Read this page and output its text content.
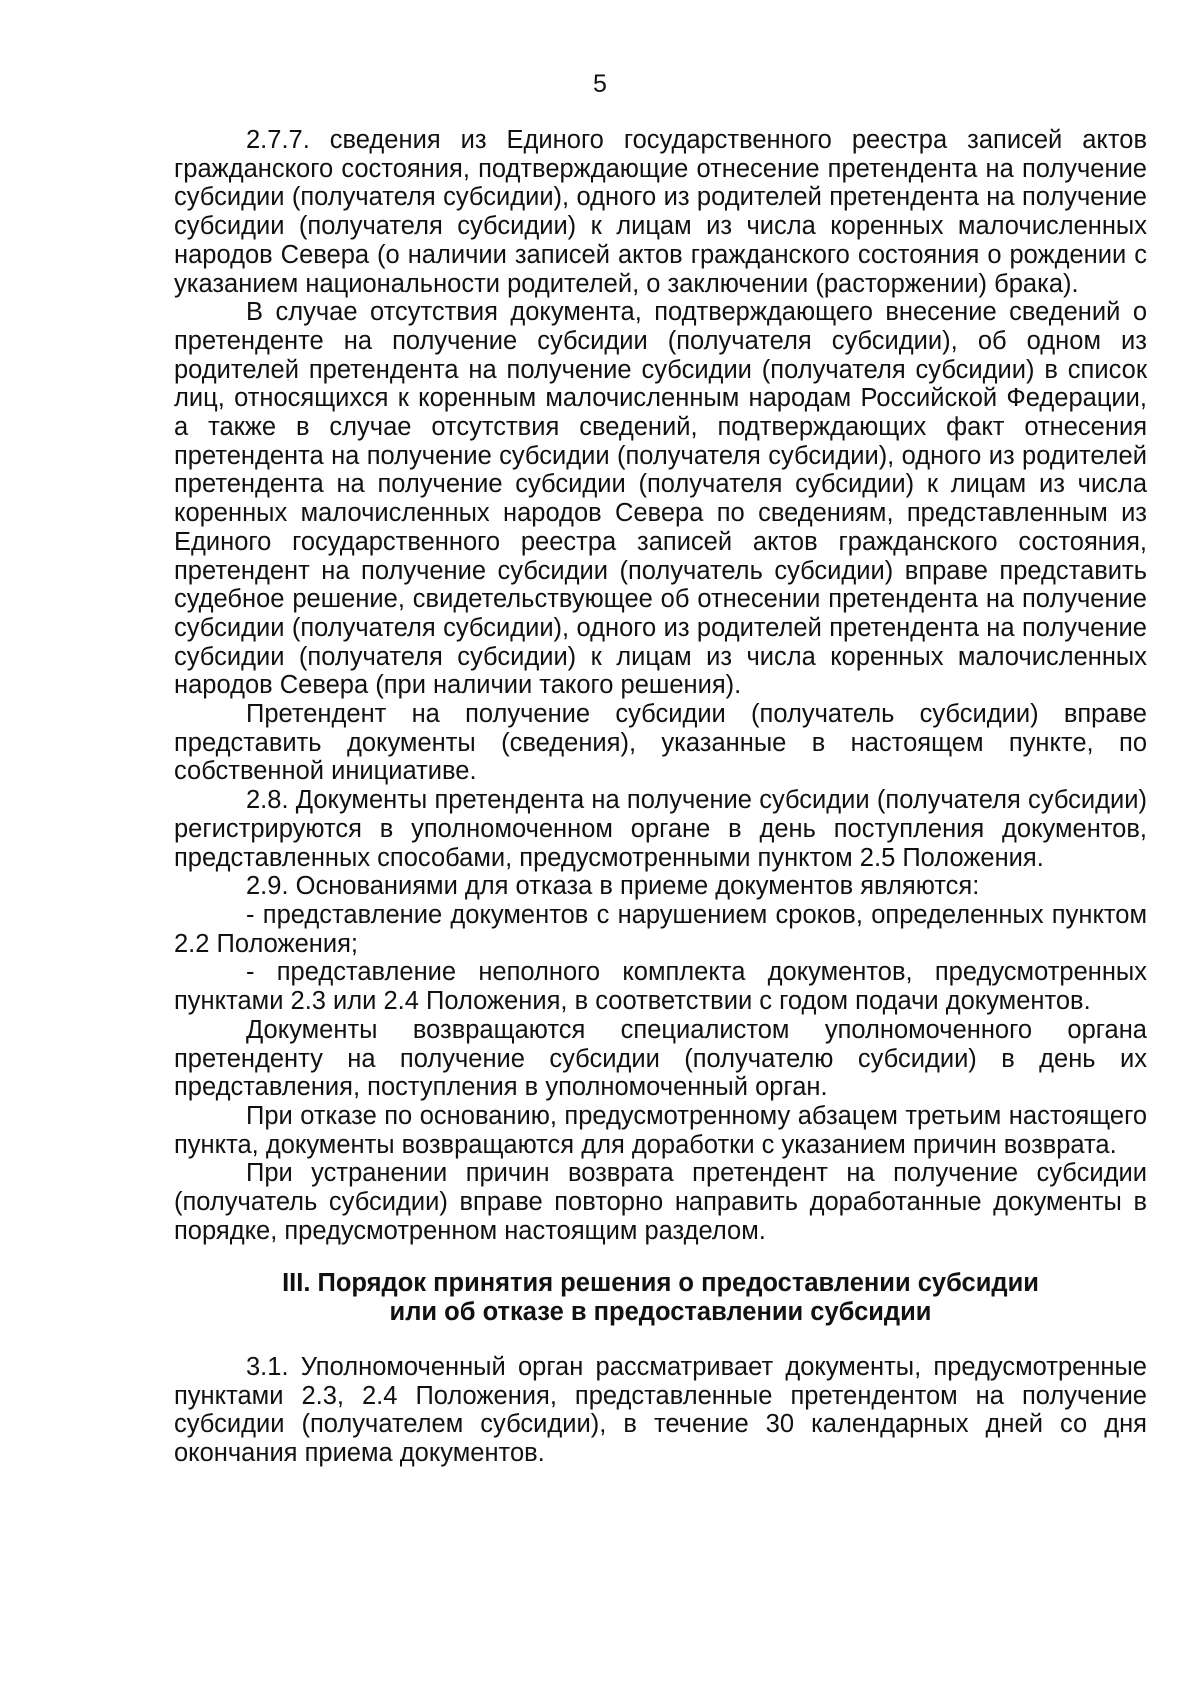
5

2.7.7. сведения из Единого государственного реестра записей актов гражданского состояния, подтверждающие отнесение претендента на получение субсидии (получателя субсидии), одного из родителей претендента на получение субсидии (получателя субсидии) к лицам из числа коренных малочисленных народов Севера (о наличии записей актов гражданского состояния о рождении с указанием национальности родителей, о заключении (расторжении) брака).

В случае отсутствия документа, подтверждающего внесение сведений о претенденте на получение субсидии (получателя субсидии), об одном из родителей претендента на получение субсидии (получателя субсидии) в список лиц, относящихся к коренным малочисленным народам Российской Федерации, а также в случае отсутствия сведений, подтверждающих факт отнесения претендента на получение субсидии (получателя субсидии), одного из родителей претендента на получение субсидии (получателя субсидии) к лицам из числа коренных малочисленных народов Севера по сведениям, представленным из Единого государственного реестра записей актов гражданского состояния, претендент на получение субсидии (получатель субсидии) вправе представить судебное решение, свидетельствующее об отнесении претендента на получение субсидии (получателя субсидии), одного из родителей претендента на получение субсидии (получателя субсидии) к лицам из числа коренных малочисленных народов Севера (при наличии такого решения).

Претендент на получение субсидии (получатель субсидии) вправе представить документы (сведения), указанные в настоящем пункте, по собственной инициативе.

2.8. Документы претендента на получение субсидии (получателя субсидии) регистрируются в уполномоченном органе в день поступления документов, представленных способами, предусмотренными пунктом 2.5 Положения.

2.9. Основаниями для отказа в приеме документов являются:

- представление документов с нарушением сроков, определенных пунктом 2.2 Положения;

- представление неполного комплекта документов, предусмотренных пунктами 2.3 или 2.4 Положения, в соответствии с годом подачи документов.

Документы возвращаются специалистом уполномоченного органа претенденту на получение субсидии (получателю субсидии) в день их представления, поступления в уполномоченный орган.

При отказе по основанию, предусмотренному абзацем третьим настоящего пункта, документы возвращаются для доработки с указанием причин возврата.

При устранении причин возврата претендент на получение субсидии (получатель субсидии) вправе повторно направить доработанные документы в порядке, предусмотренном настоящим разделом.

III. Порядок принятия решения о предоставлении субсидии
или об отказе в предоставлении субсидии

3.1. Уполномоченный орган рассматривает документы, предусмотренные пунктами 2.3, 2.4 Положения, представленные претендентом на получение субсидии (получателем субсидии), в течение 30 календарных дней со дня окончания приема документов.
